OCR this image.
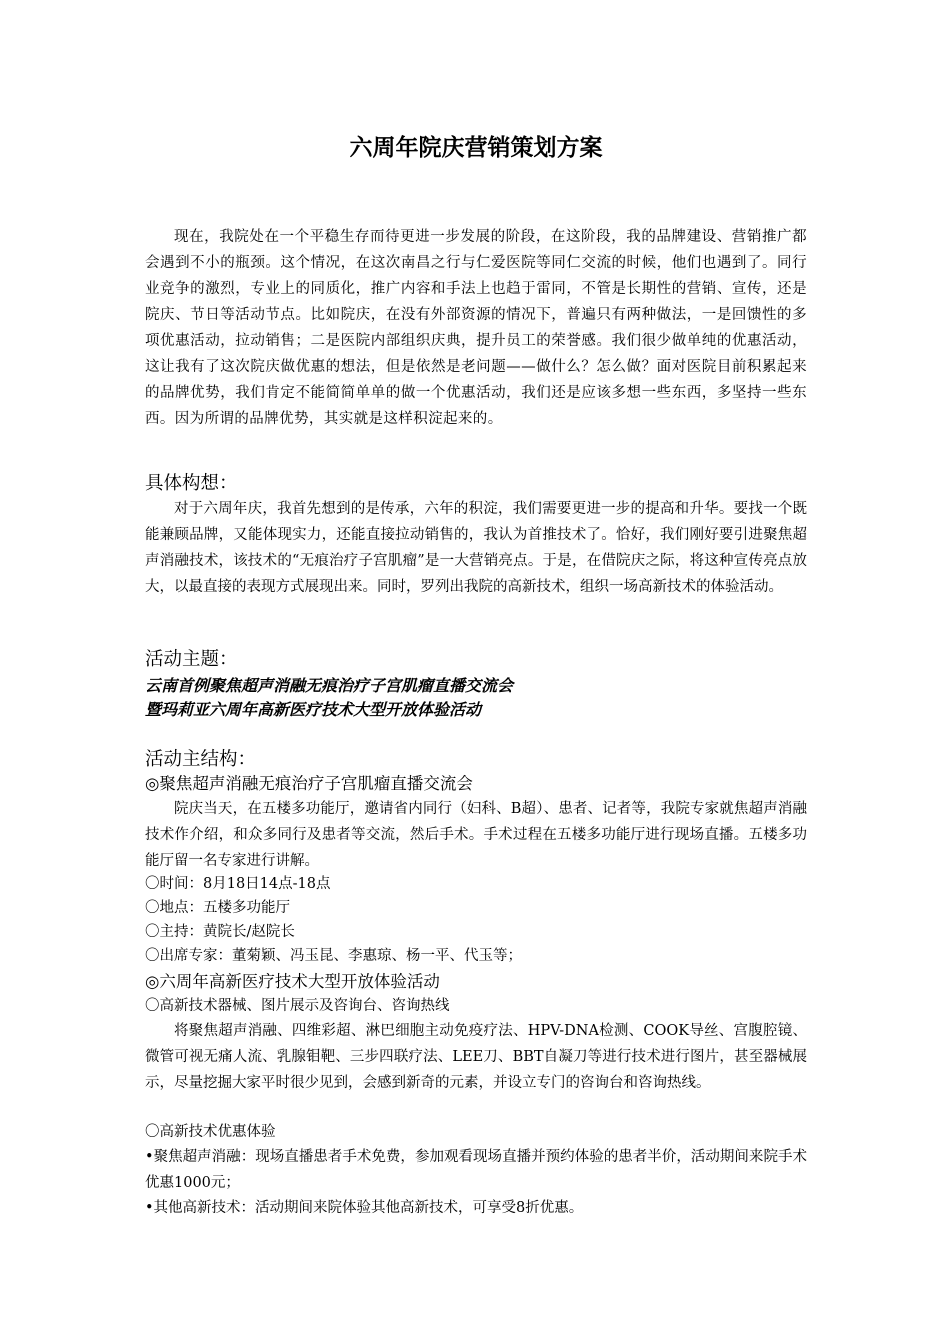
六周年院庆营销策划方案

现在，我院处在一个平稳生存而待更进一步发展的阶段，在这阶段，我的品牌建设、营销推广都会遇到不小的瓶颈。这个情况，在这次南昌之行与仁爱医院等同仁交流的时候，他们也遇到了。同行业竞争的激烈，专业上的同质化，推广内容和手法上也趋于雷同，不管是长期性的营销、宣传，还是院庆、节日等活动节点。比如院庆，在没有外部资源的情况下，普遍只有两种做法，一是回馈性的多项优惠活动，拉动销售；二是医院内部组织庆典，提升员工的荣誉感。我们很少做单纯的优惠活动，这让我有了这次院庆做优惠的想法，但是依然是老问题——做什么？怎么做？面对医院目前积累起来的品牌优势，我们肯定不能简简单单的做一个优惠活动，我们还是应该多想一些东西，多坚持一些东西。因为所谓的品牌优势，其实就是这样积淀起来的。

具体构想：

对于六周年庆，我首先想到的是传承，六年的积淀，我们需要更进一步的提高和升华。要找一个既能兼顾品牌，又能体现实力，还能直接拉动销售的，我认为首推技术了。恰好，我们刚好要引进聚焦超声消融技术，该技术的“无痕治疗子宫肌瘤”是一大营销亮点。于是，在借院庆之际，将这种宣传亮点放大，以最直接的表现方式展现出来。同时，罗列出我院的高新技术，组织一场高新技术的体验活动。

活动主题：

云南首例聚焦超声消融无痕治疗子宫肌瘤直播交流会

暨玛莉亚六周年高新医疗技术大型开放体验活动

活动主结构：

◎聚焦超声消融无痕治疗子宫肌瘤直播交流会

院庆当天，在五楼多功能厅，邀请省内同行（妇科、B超）、患者、记者等，我院专家就焦超声消融技术作介绍，和众多同行及患者等交流，然后手术。手术过程在五楼多功能厅进行现场直播。五楼多功能厅留一名专家进行讲解。

〇时间：8月18日14点-18点

〇地点：五楼多功能厅

〇主持：黄院长/赵院长

〇出席专家：董菊颖、冯玉昆、李惠琼、杨一平、代玉等；

◎六周年高新医疗技术大型开放体验活动

〇高新技术器械、图片展示及咨询台、咨询热线

将聚焦超声消融、四维彩超、淋巴细胞主动免疫疗法、HPV-DNA检测、COOK导丝、宫腹腔镜、微管可视无痛人流、乳腺钼靶、三步四联疗法、LEE刀、BBT自凝刀等进行技术进行图片，甚至器械展示，尽量挖掘大家平时很少见到，会感到新奇的元素，并设立专门的咨询台和咨询热线。

〇高新技术优惠体验

•聚焦超声消融：现场直播患者手术免费，参加观看现场直播并预约体验的患者半价，活动期间来院手术优惠1000元；

•其他高新技术：活动期间来院体验其他高新技术，可享受8折优惠。
